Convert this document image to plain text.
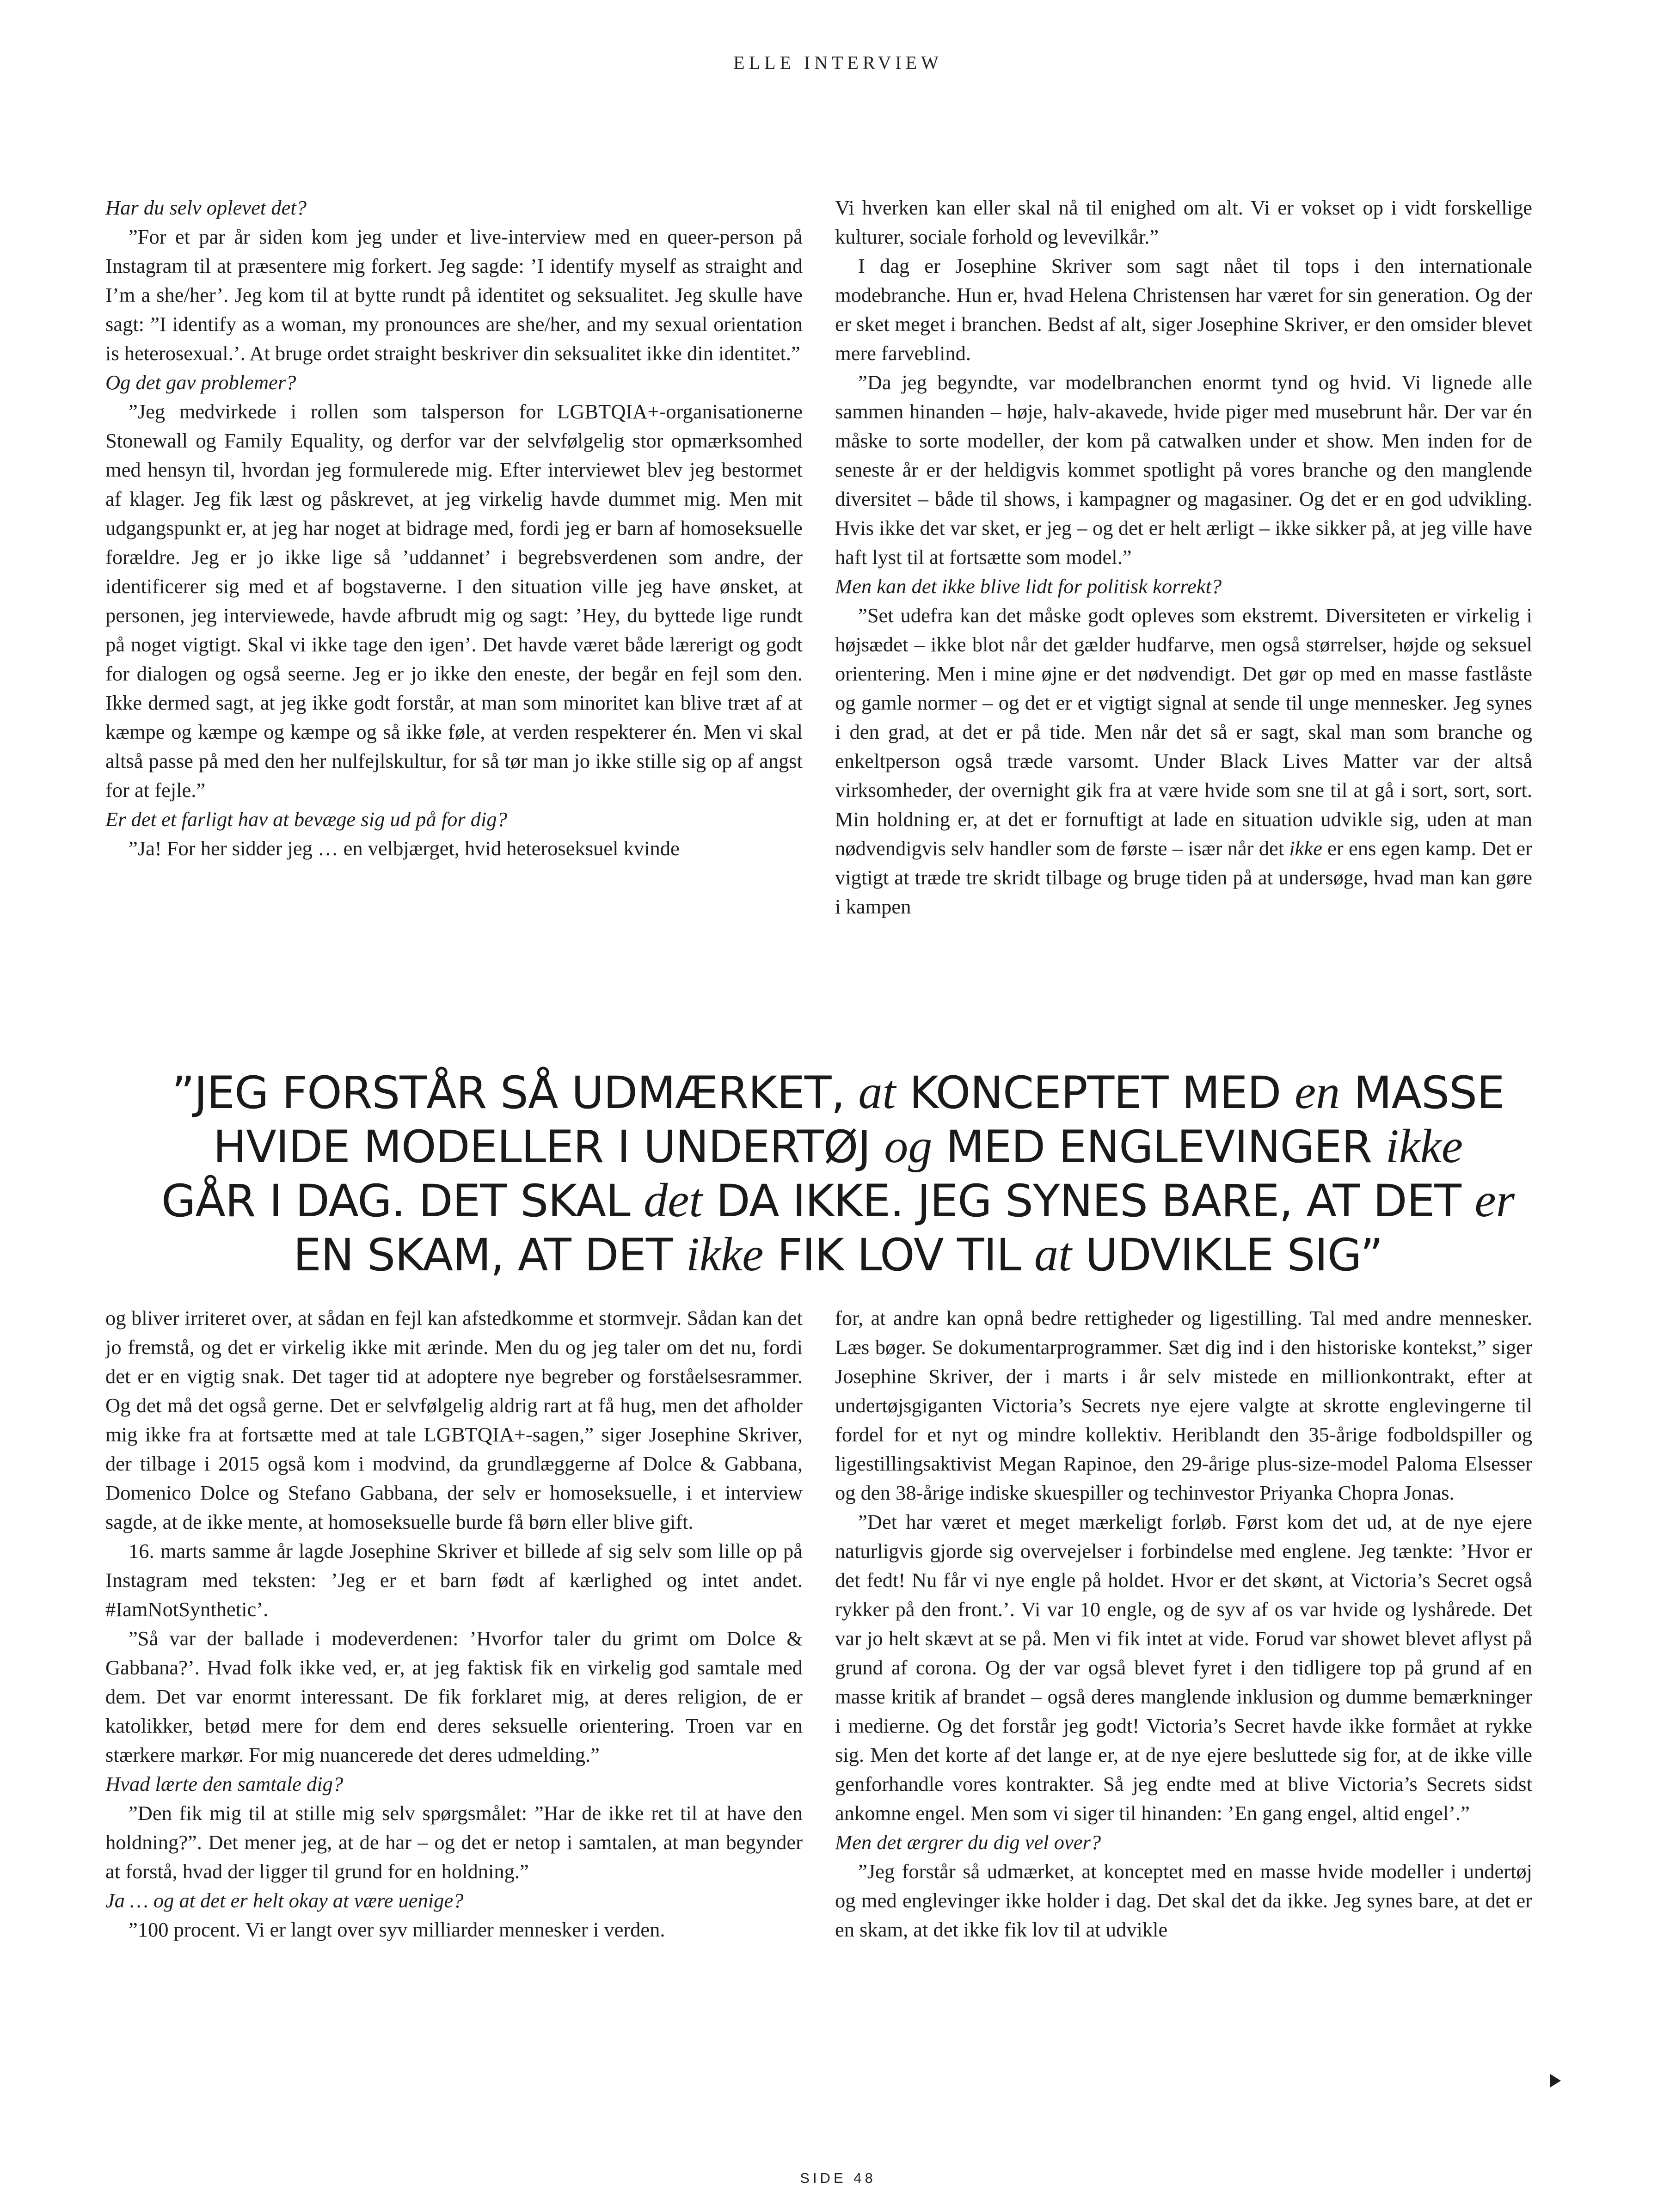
ELLE INTERVIEW

Har du selv oplevet det?

”For et par år siden kom jeg under et live-interview med en queer-person på Instagram til at præsentere mig forkert. Jeg sagde: ’I identify myself as straight and I’m a she/her’. Jeg kom til at bytte rundt på identitet og seksualitet. Jeg skulle have sagt: ”I identify as a woman, my pronounces are she/her, and my sexual orientation is heterosexual.’. At bruge ordet straight beskriver din seksualitet ikke din identitet.”

Og det gav problemer?

”Jeg medvirkede i rollen som talsperson for LGBTQIA+-organisationerne Stonewall og Family Equality, og derfor var der selvfølgelig stor opmærksomhed med hensyn til, hvordan jeg formulerede mig. Efter interviewet blev jeg bestormet af klager. Jeg fik læst og påskrevet, at jeg virkelig havde dummet mig. Men mit udgangspunkt er, at jeg har noget at bidrage med, fordi jeg er barn af homoseksuelle forældre. Jeg er jo ikke lige så ’uddannet’ i begrebsverdenen som andre, der identificerer sig med et af bogstaverne. I den situation ville jeg have ønsket, at personen, jeg interviewede, havde afbrudt mig og sagt: ’Hey, du byttede lige rundt på noget vigtigt. Skal vi ikke tage den igen’. Det havde været både lærerigt og godt for dialogen og også seerne. Jeg er jo ikke den eneste, der begår en fejl som den. Ikke dermed sagt, at jeg ikke godt forstår, at man som minoritet kan blive træt af at kæmpe og kæmpe og kæmpe og så ikke føle, at verden respekterer én. Men vi skal altså passe på med den her nulfejlskultur, for så tør man jo ikke stille sig op af angst for at fejle.”

Er det et farligt hav at bevæge sig ud på for dig?

”Ja! For her sidder jeg … en velbjærget, hvid heteroseksuel kvinde

Vi hverken kan eller skal nå til enighed om alt. Vi er vokset op i vidt forskellige kulturer, sociale forhold og levevilkår.”

I dag er Josephine Skriver som sagt nået til tops i den internationale modebranche. Hun er, hvad Helena Christensen har været for sin generation. Og der er sket meget i branchen. Bedst af alt, siger Josephine Skriver, er den omsider blevet mere farveblind.

”Da jeg begyndte, var modelbranchen enormt tynd og hvid. Vi lignede alle sammen hinanden – høje, halv-akavede, hvide piger med musebrunt hår. Der var én måske to sorte modeller, der kom på catwalken under et show. Men inden for de seneste år er der heldigvis kommet spotlight på vores branche og den manglende diversitet – både til shows, i kampagner og magasiner. Og det er en god udvikling. Hvis ikke det var sket, er jeg – og det er helt ærligt – ikke sikker på, at jeg ville have haft lyst til at fortsætte som model.”

Men kan det ikke blive lidt for politisk korrekt?

”Set udefra kan det måske godt opleves som ekstremt. Diversiteten er virkelig i højsædet – ikke blot når det gælder hudfarve, men også størrelser, højde og seksuel orientering. Men i mine øjne er det nødvendigt. Det gør op med en masse fastlåste og gamle normer – og det er et vigtigt signal at sende til unge mennesker. Jeg synes i den grad, at det er på tide. Men når det så er sagt, skal man som branche og enkeltperson også træde varsomt. Under Black Lives Matter var der altså virksomheder, der overnight gik fra at være hvide som sne til at gå i sort, sort, sort. Min holdning er, at det er fornuftigt at lade en situation udvikle sig, uden at man nødvendigvis selv handler som de første – især når det ikke er ens egen kamp. Det er vigtigt at træde tre skridt tilbage og bruge tiden på at undersøge, hvad man kan gøre i kampen

”JEG FORSTÅR SÅ UDMÆRKET, at KONCEPTET MED en MASSE
HVIDE MODELLER I UNDERTØJ og MED ENGLEVINGER ikke
GÅR I DAG. DET SKAL det DA IKKE. JEG SYNES BARE, AT DET er
EN SKAM, AT DET ikke FIK LOV TIL at UDVIKLE SIG”

og bliver irriteret over, at sådan en fejl kan afstedkomme et stormvejr. Sådan kan det jo fremstå, og det er virkelig ikke mit ærinde. Men du og jeg taler om det nu, fordi det er en vigtig snak. Det tager tid at adoptere nye begreber og forståelsesrammer. Og det må det også gerne. Det er selvfølgelig aldrig rart at få hug, men det afholder mig ikke fra at fortsætte med at tale LGBTQIA+-sagen,” siger Josephine Skriver, der tilbage i 2015 også kom i modvind, da grundlæggerne af Dolce & Gabbana, Domenico Dolce og Stefano Gabbana, der selv er homoseksuelle, i et interview sagde, at de ikke mente, at homoseksuelle burde få børn eller blive gift.

16. marts samme år lagde Josephine Skriver et billede af sig selv som lille op på Instagram med teksten: ’Jeg er et barn født af kærlighed og intet andet. #IamNotSynthetic’.

”Så var der ballade i modeverdenen: ’Hvorfor taler du grimt om Dolce & Gabbana?’. Hvad folk ikke ved, er, at jeg faktisk fik en virkelig god samtale med dem. Det var enormt interessant. De fik forklaret mig, at deres religion, de er katolikker, betød mere for dem end deres seksuelle orientering. Troen var en stærkere markør. For mig nuancerede det deres udmelding.”

Hvad lærte den samtale dig?

”Den fik mig til at stille mig selv spørgsmålet: ”Har de ikke ret til at have den holdning?”. Det mener jeg, at de har – og det er netop i samtalen, at man begynder at forstå, hvad der ligger til grund for en holdning.”

Ja … og at det er helt okay at være uenige?

”100 procent. Vi er langt over syv milliarder mennesker i verden.

for, at andre kan opnå bedre rettigheder og ligestilling. Tal med andre mennesker. Læs bøger. Se dokumentarprogrammer. Sæt dig ind i den historiske kontekst,” siger Josephine Skriver, der i marts i år selv mistede en millionkontrakt, efter at undertøjsgiganten Victoria’s Secrets nye ejere valgte at skrotte englevingerne til fordel for et nyt og mindre kollektiv. Heriblandt den 35-årige fodboldspiller og ligestillingsaktivist Megan Rapinoe, den 29-årige plus-size-model Paloma Elsesser og den 38-årige indiske skuespiller og techinvestor Priyanka Chopra Jonas.

”Det har været et meget mærkeligt forløb. Først kom det ud, at de nye ejere naturligvis gjorde sig overvejelser i forbindelse med englene. Jeg tænkte: ’Hvor er det fedt! Nu får vi nye engle på holdet. Hvor er det skønt, at Victoria’s Secret også rykker på den front.’. Vi var 10 engle, og de syv af os var hvide og lyshårede. Det var jo helt skævt at se på. Men vi fik intet at vide. Forud var showet blevet aflyst på grund af corona. Og der var også blevet fyret i den tidligere top på grund af en masse kritik af brandet – også deres manglende inklusion og dumme bemærkninger i medierne. Og det forstår jeg godt! Victoria’s Secret havde ikke formået at rykke sig. Men det korte af det lange er, at de nye ejere besluttede sig for, at de ikke ville genforhandle vores kontrakter. Så jeg endte med at blive Victoria’s Secrets sidst ankomne engel. Men som vi siger til hinanden: ’En gang engel, altid engel’.”

Men det ærgrer du dig vel over?

”Jeg forstår så udmærket, at konceptet med en masse hvide modeller i undertøj og med englevinger ikke holder i dag. Det skal det da ikke. Jeg synes bare, at det er en skam, at det ikke fik lov til at udvikle

SIDE 48
